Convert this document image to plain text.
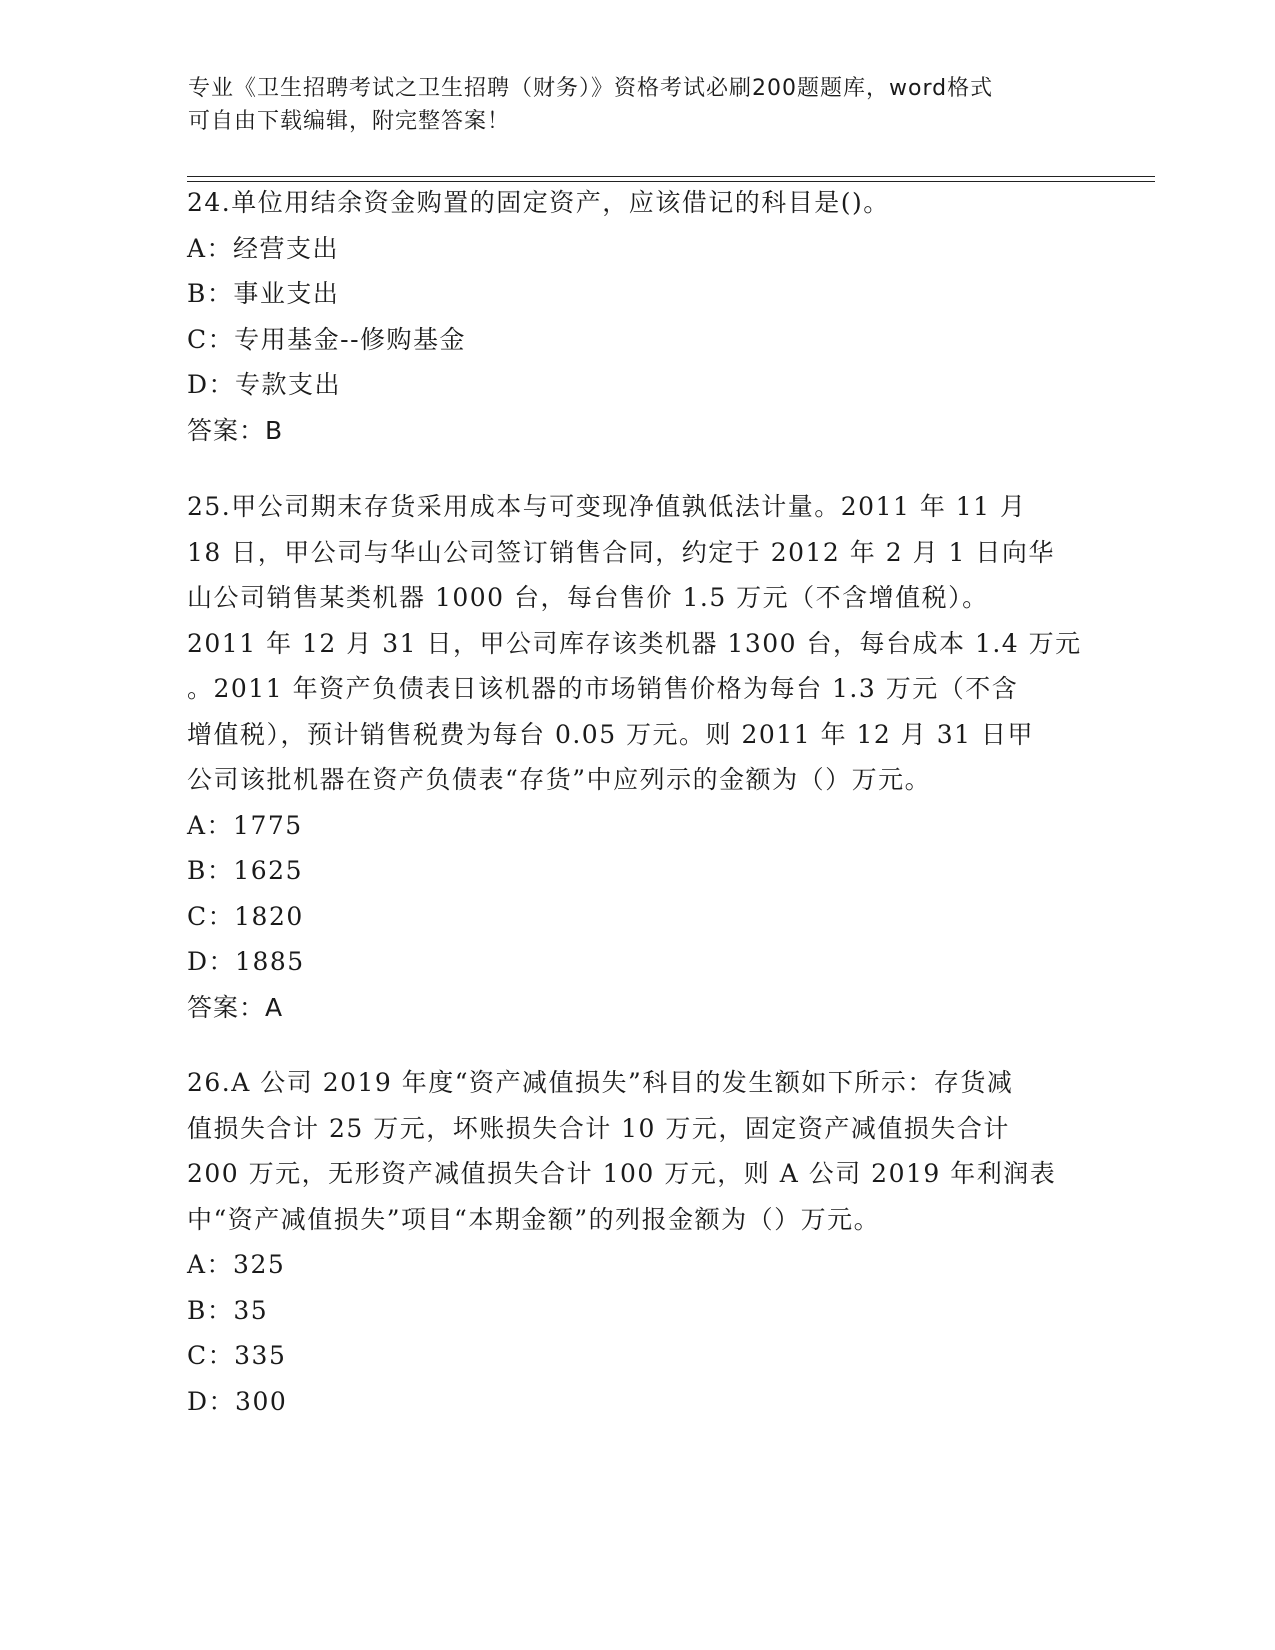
专业《卫生招聘考试之卫生招聘（财务）》资格考试必刷200题题库，word格式
可自由下载编辑，附完整答案！
24.单位用结余资金购置的固定资产，应该借记的科目是()。
A：经营支出
B：事业支出
C：专用基金--修购基金
D：专款支出
答案：B
25.甲公司期末存货采用成本与可变现净值孰低法计量。2011 年 11 月
18 日，甲公司与华山公司签订销售合同，约定于 2012 年 2 月 1 日向华
山公司销售某类机器 1000 台，每台售价 1.5 万元（不含增值税）。
2011 年 12 月 31 日，甲公司库存该类机器 1300 台，每台成本 1.4 万元
。2011 年资产负债表日该机器的市场销售价格为每台 1.3 万元（不含
增值税），预计销售税费为每台 0.05 万元。则 2011 年 12 月 31 日甲
公司该批机器在资产负债表“存货”中应列示的金额为（）万元。
A：1775
B：1625
C：1820
D：1885
答案：A
26.A 公司 2019 年度“资产减值损失”科目的发生额如下所示：存货减
值损失合计 25 万元，坏账损失合计 10 万元，固定资产减值损失合计
200 万元，无形资产减值损失合计 100 万元，则 A 公司 2019 年利润表
中“资产减值损失”项目“本期金额”的列报金额为（）万元。
A：325
B：35
C：335
D：300
